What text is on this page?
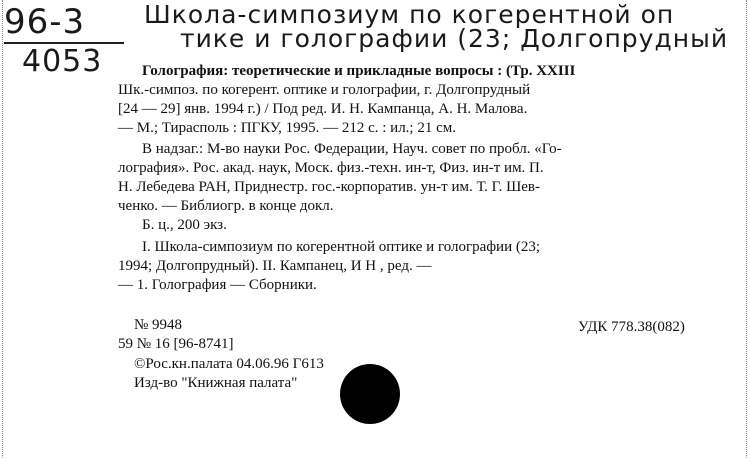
96-3
4053
Школа-симпозиум по когерентной оп
тике и голографии (23; Долгопрудный
Голография: теоретические и прикладные вопросы : (Тр. XXIII
Шк.-симпоз. по когерент. оптике и голографии, г. Долгопрудный
[24 — 29] янв. 1994 г.) / Под ред. И. Н. Кампанца, А. Н. Малова.
— М.; Тирасполь : ПГКУ, 1995. — 212 с. : ил.; 21 см.
В надзаг.: М-во науки Рос. Федерации, Науч. совет по пробл. «Го-
лография». Рос. акад. наук, Моск. физ.-техн. ин-т, Физ. ин-т им. П.
Н. Лебедева РАН, Приднестр. гос.-корпоратив. ун-т им. Т. Г. Шев-
ченко. — Библиогр. в конце докл.
Б. ц., 200 экз.
I. Школа-симпозиум по когерентной оптике и голографии (23;
1994; Долгопрудный). II. Кампанец, И Н , ред. —
— 1. Голография — Сборники.
№ 9948
59 № 16 [96-8741]
©Рос.кн.палата 04.06.96 Г613
Изд-во "Книжная палата"
УДК 778.38(082)
